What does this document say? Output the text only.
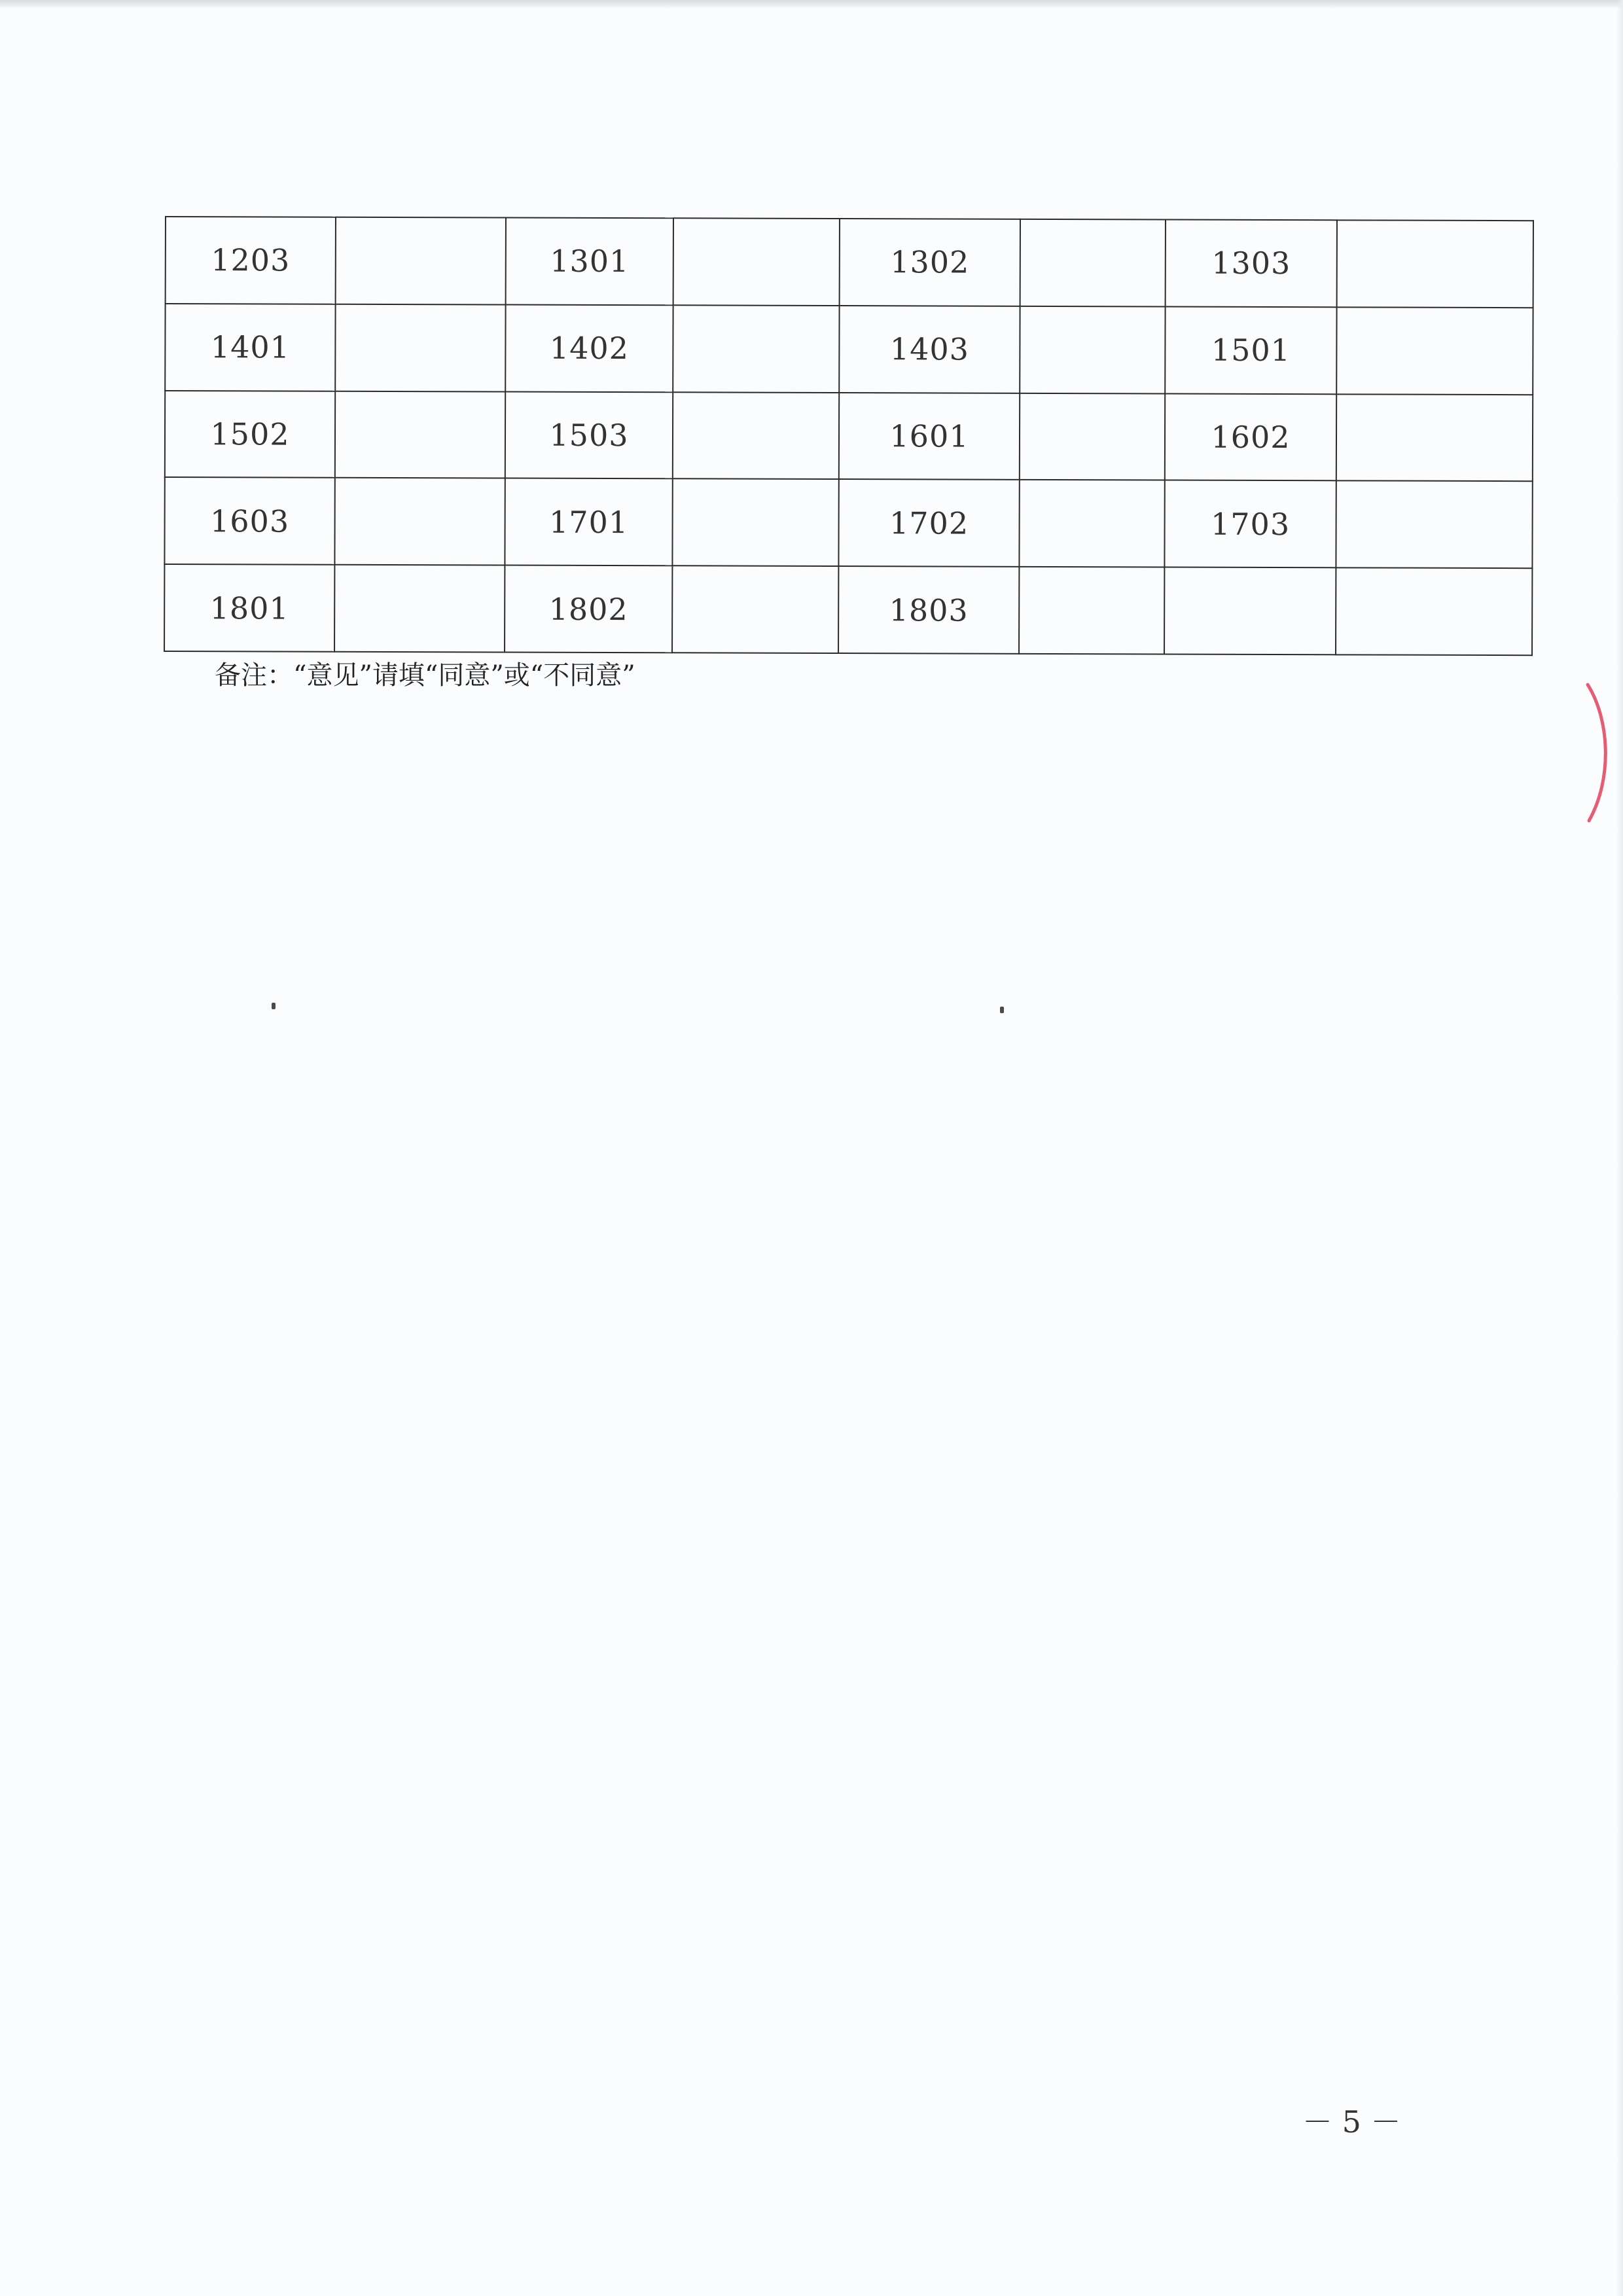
1203		1301		1302		1303	
1401		1402		1403		1501	
1502		1503		1601		1602	
1603		1701		1702		1703	
1801		1802		1803			
备注：“意见”请填“同意”或“不同意”
－ 5 －
